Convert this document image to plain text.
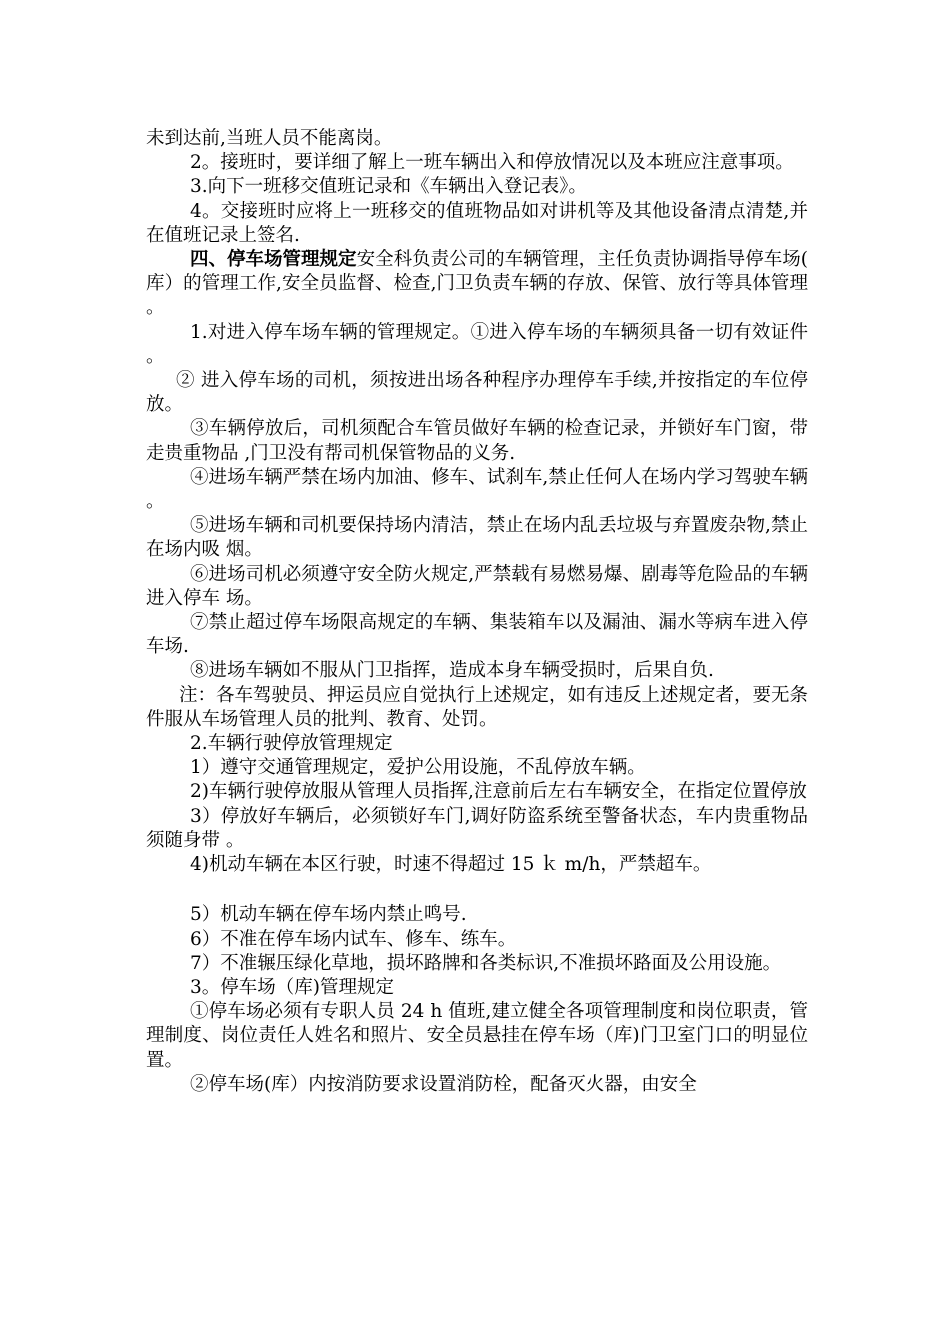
未到达前,当班人员不能离岗。

2。接班时，要详细了解上一班车辆出入和停放情况以及本班应注意事项。

3.向下一班移交值班记录和《车辆出入登记表》。

4。交接班时应将上一班移交的值班物品如对讲机等及其他设备清点清楚,并在值班记录上签名.

四、停车场管理规定安全科负责公司的车辆管理，主任负责协调指导停车场(库）的管理工作,安全员监督、检查,门卫负责车辆的存放、保管、放行等具体管理。

1.对进入停车场车辆的管理规定。①进入停车场的车辆须具备一切有效证件。

② 进入停车场的司机，须按进出场各种程序办理停车手续,并按指定的车位停放。

③车辆停放后，司机须配合车管员做好车辆的检查记录，并锁好车门窗，带走贵重物品 ,门卫没有帮司机保管物品的义务.

④进场车辆严禁在场内加油、修车、试刹车,禁止任何人在场内学习驾驶车辆。

⑤进场车辆和司机要保持场内清洁，禁止在场内乱丢垃圾与弃置废杂物,禁止在场内吸 烟。

⑥进场司机必须遵守安全防火规定,严禁载有易燃易爆、剧毒等危险品的车辆进入停车 场。

⑦禁止超过停车场限高规定的车辆、集装箱车以及漏油、漏水等病车进入停车场.

⑧进场车辆如不服从门卫指挥，造成本身车辆受损时，后果自负.

注：各车驾驶员、押运员应自觉执行上述规定，如有违反上述规定者，要无条件服从车场管理人员的批判、教育、处罚。

2.车辆行驶停放管理规定

1）遵守交通管理规定，爱护公用设施，不乱停放车辆。

2)车辆行驶停放服从管理人员指挥,注意前后左右车辆安全，在指定位置停放

3）停放好车辆后，必须锁好车门,调好防盗系统至警备状态，车内贵重物品须随身带 。

4)机动车辆在本区行驶，时速不得超过 15 ｋ m/h，严禁超车。

5）机动车辆在停车场内禁止鸣号.

6）不准在停车场内试车、修车、练车。

7）不准辗压绿化草地，损坏路牌和各类标识,不准损坏路面及公用设施。

3。停车场（库)管理规定

①停车场必须有专职人员 24 h 值班,建立健全各项管理制度和岗位职责，管理制度、岗位责任人姓名和照片、安全员悬挂在停车场（库)门卫室门口的明显位置。

②停车场(库）内按消防要求设置消防栓，配备灭火器，由安全
